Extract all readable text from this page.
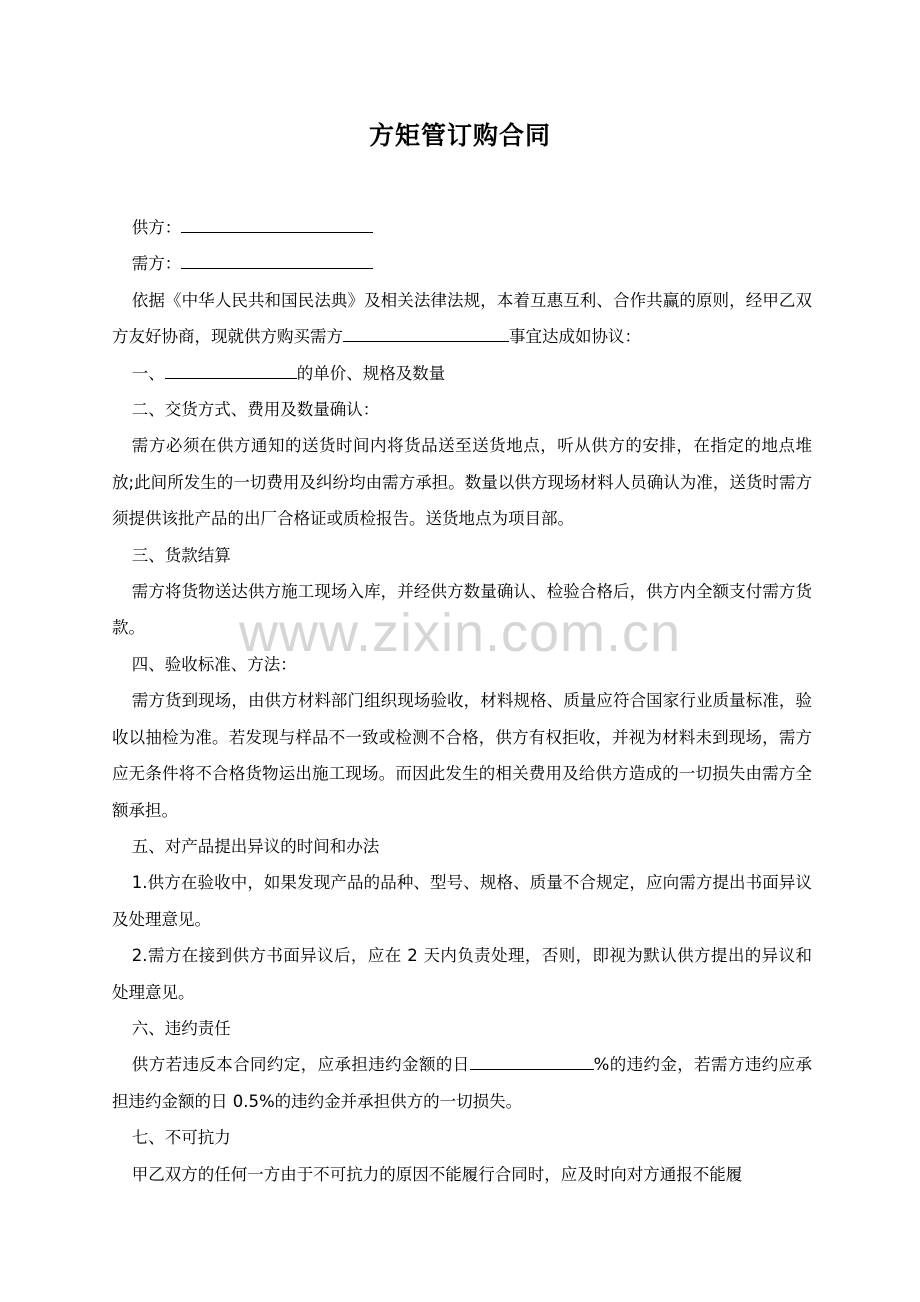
方矩管订购合同
www.zixin.com.cn

供方：

需方：

依据《中华人民共和国民法典》及相关法律法规，本着互惠互利、合作共赢的原则，经甲乙双方友好协商，现就供方购买需方	事宜达成如协议：

一、	的单价、规格及数量

二、交货方式、费用及数量确认：

需方必须在供方通知的送货时间内将货品送至送货地点，听从供方的安排，在指定的地点堆放;此间所发生的一切费用及纠纷均由需方承担。数量以供方现场材料人员确认为准，送货时需方须提供该批产品的出厂合格证或质检报告。送货地点为项目部。

三、货款结算

需方将货物送达供方施工现场入库，并经供方数量确认、检验合格后，供方内全额支付需方货款。

四、验收标准、方法：

需方货到现场，由供方材料部门组织现场验收，材料规格、质量应符合国家行业质量标准，验收以抽检为准。若发现与样品不一致或检测不合格，供方有权拒收，并视为材料未到现场，需方应无条件将不合格货物运出施工现场。而因此发生的相关费用及给供方造成的一切损失由需方全额承担。

五、对产品提出异议的时间和办法

1.供方在验收中，如果发现产品的品种、型号、规格、质量不合规定，应向需方提出书面异议及处理意见。

2.需方在接到供方书面异议后，应在 2 天内负责处理，否则，即视为默认供方提出的异议和处理意见。

六、违约责任

供方若违反本合同约定，应承担违约金额的日	%的违约金，若需方违约应承担违约金额的日 0.5%的违约金并承担供方的一切损失。

七、不可抗力

甲乙双方的任何一方由于不可抗力的原因不能履行合同时，应及时向对方通报不能履
